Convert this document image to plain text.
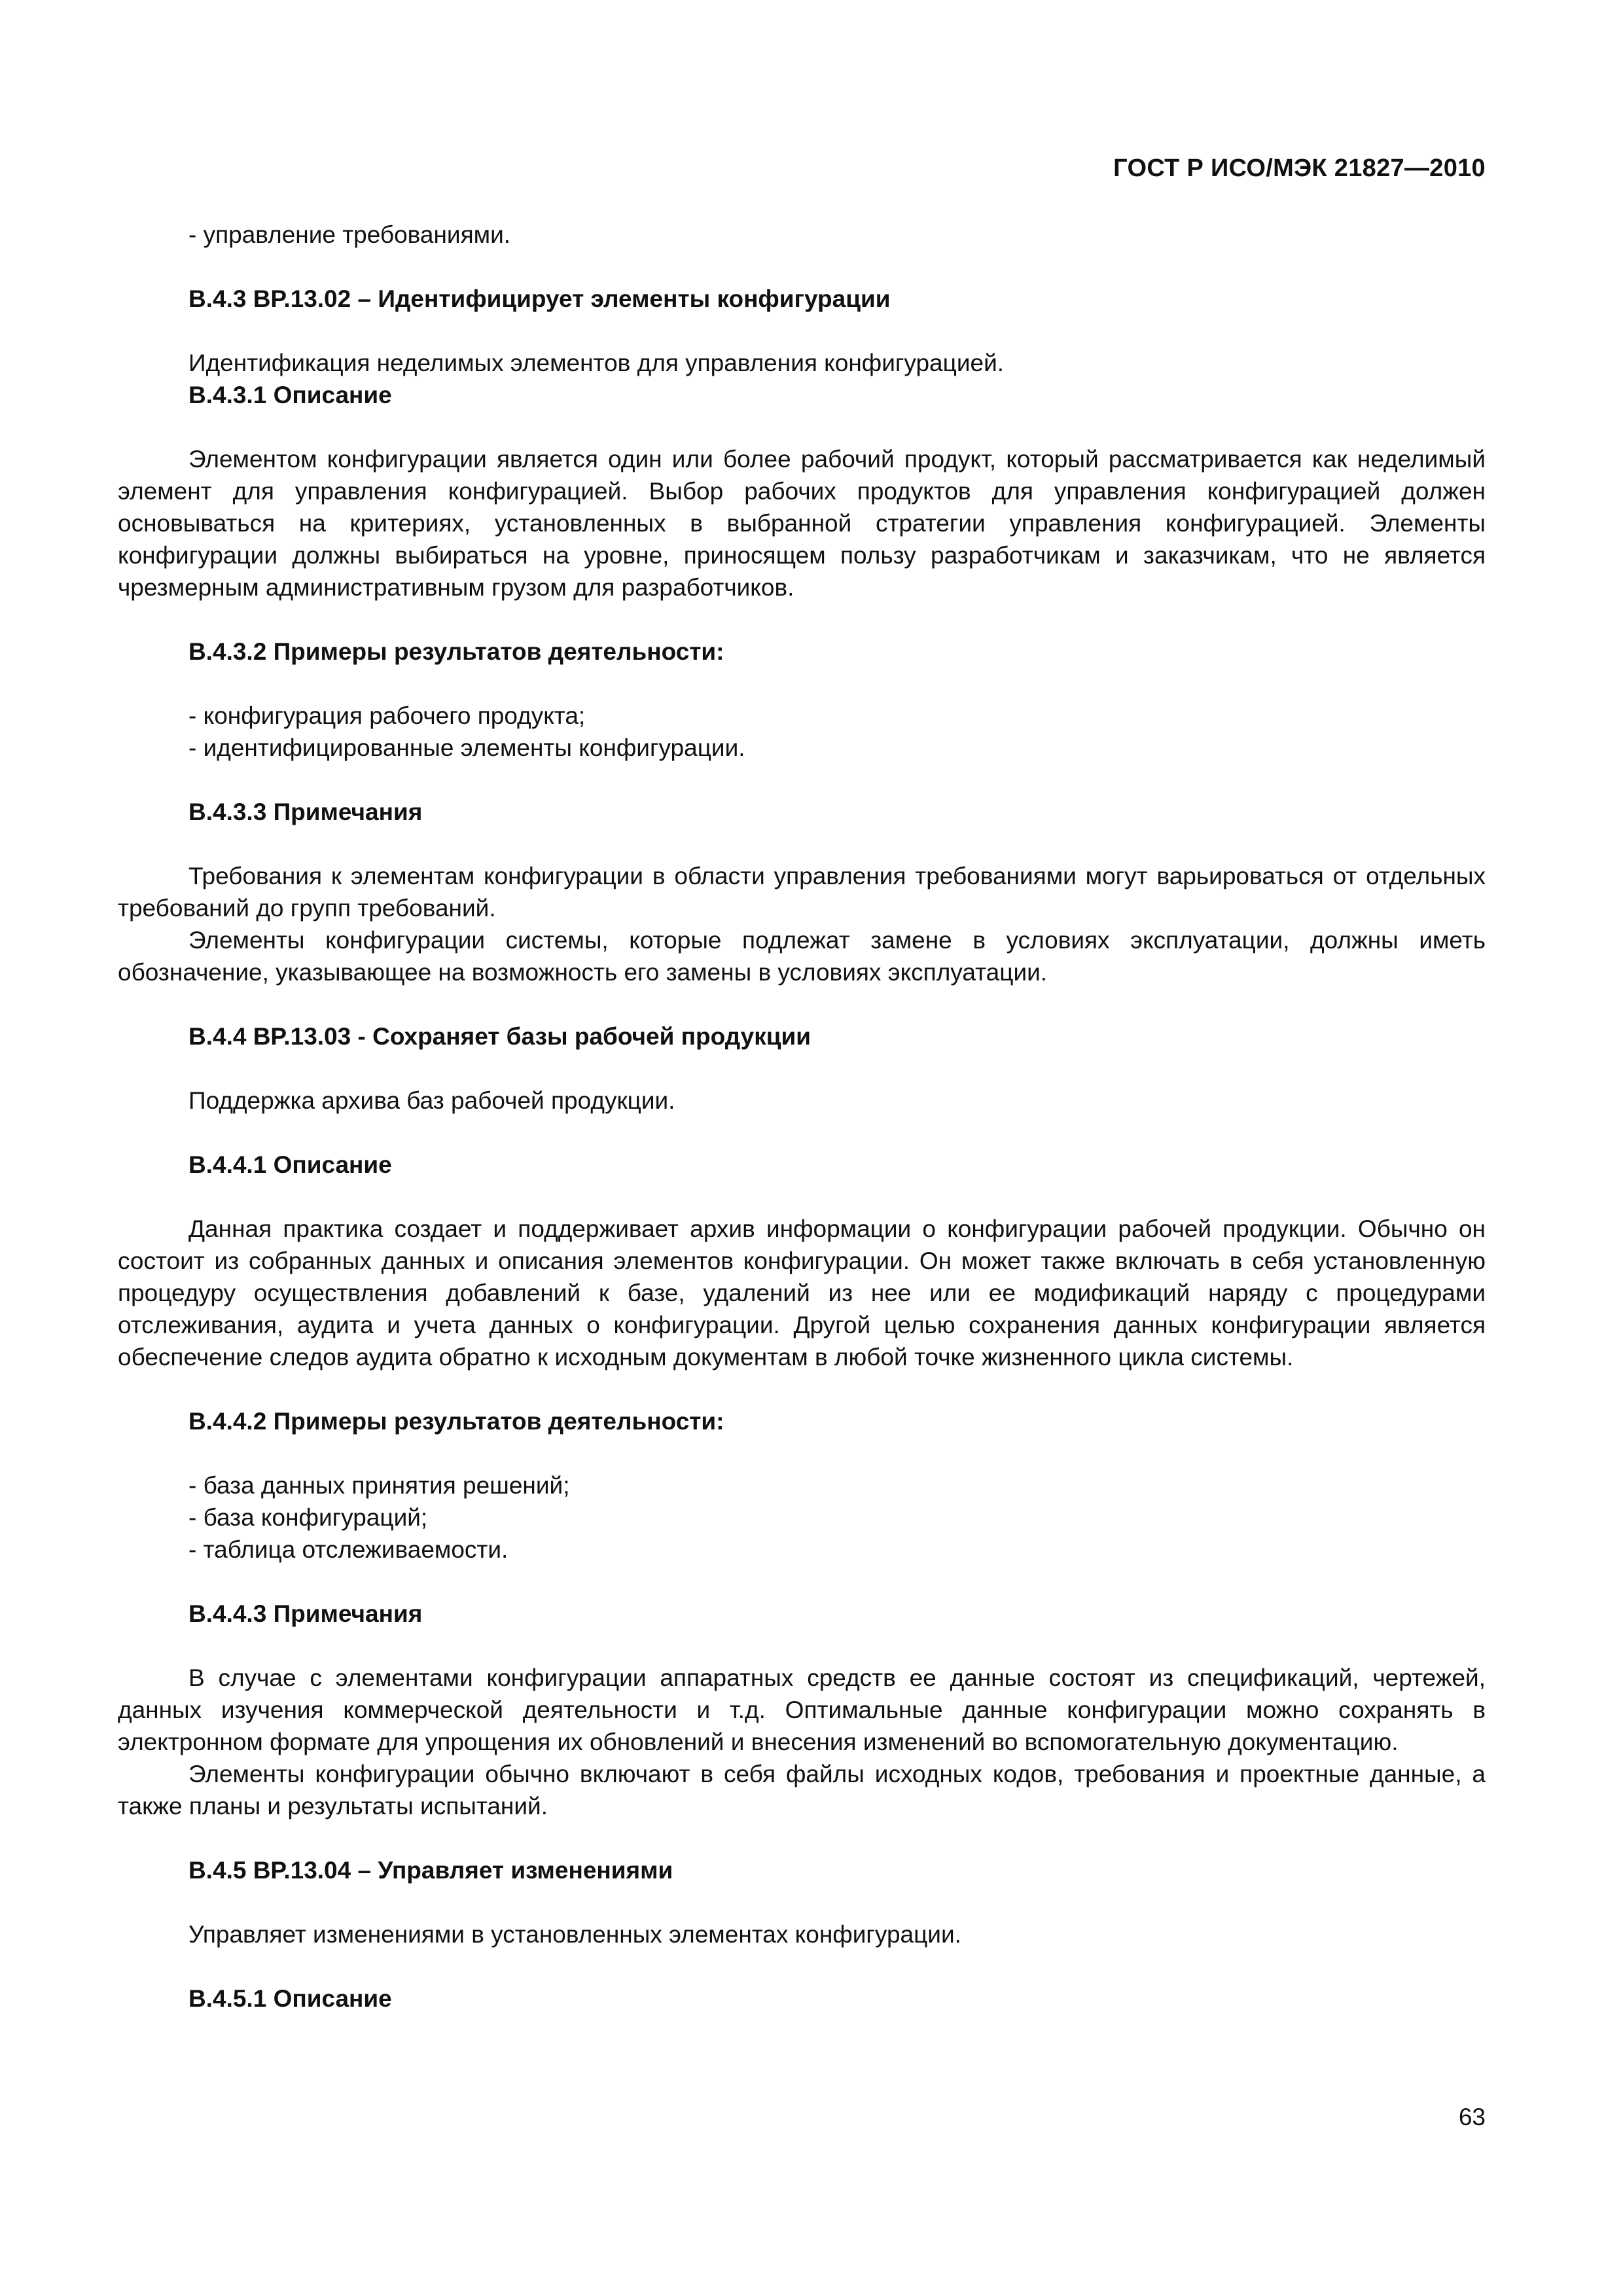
ГОСТ Р ИСО/МЭК 21827—2010

- управление требованиями.

B.4.3 BP.13.02 – Идентифицирует элементы конфигурации

Идентификация неделимых элементов для управления конфигурацией.

B.4.3.1 Описание

Элементом конфигурации является один или более рабочий продукт, который рассматривается как неделимый элемент для управления конфигурацией. Выбор рабочих продуктов для управления конфигурацией должен основываться на критериях, установленных в выбранной стратегии управления конфигурацией. Элементы конфигурации должны выбираться на уровне, приносящем пользу разработчикам и заказчикам, что не является чрезмерным административным грузом для разработчиков.

B.4.3.2 Примеры результатов деятельности:

- конфигурация рабочего продукта;

- идентифицированные элементы конфигурации.

B.4.3.3 Примечания

Требования к элементам конфигурации в области управления требованиями могут варьироваться от отдельных требований до групп требований.

Элементы конфигурации системы, которые подлежат замене в условиях эксплуатации, должны иметь обозначение, указывающее на возможность его замены в условиях эксплуатации.

B.4.4 BP.13.03 - Сохраняет базы рабочей продукции

Поддержка архива баз рабочей продукции.

B.4.4.1 Описание

Данная практика создает и поддерживает архив информации о конфигурации рабочей продукции. Обычно он состоит из собранных данных и описания элементов конфигурации. Он может также включать в себя установленную процедуру осуществления добавлений к базе, удалений из нее или ее модификаций наряду с процедурами отслеживания, аудита и учета данных о конфигурации. Другой целью сохранения данных конфигурации является обеспечение следов аудита обратно к исходным документам в любой точке жизненного цикла системы.

B.4.4.2 Примеры результатов деятельности:

- база данных принятия решений;

- база конфигураций;

- таблица отслеживаемости.

B.4.4.3 Примечания

В случае с элементами конфигурации аппаратных средств ее данные состоят из спецификаций, чертежей, данных изучения коммерческой деятельности и т.д. Оптимальные данные конфигурации можно сохранять в электронном формате для упрощения их обновлений и внесения изменений во вспомогательную документацию.

Элементы конфигурации обычно включают в себя файлы исходных кодов, требования и проектные данные, а также планы и результаты испытаний.

B.4.5 BP.13.04 – Управляет изменениями

Управляет изменениями в установленных элементах конфигурации.

B.4.5.1 Описание

63
